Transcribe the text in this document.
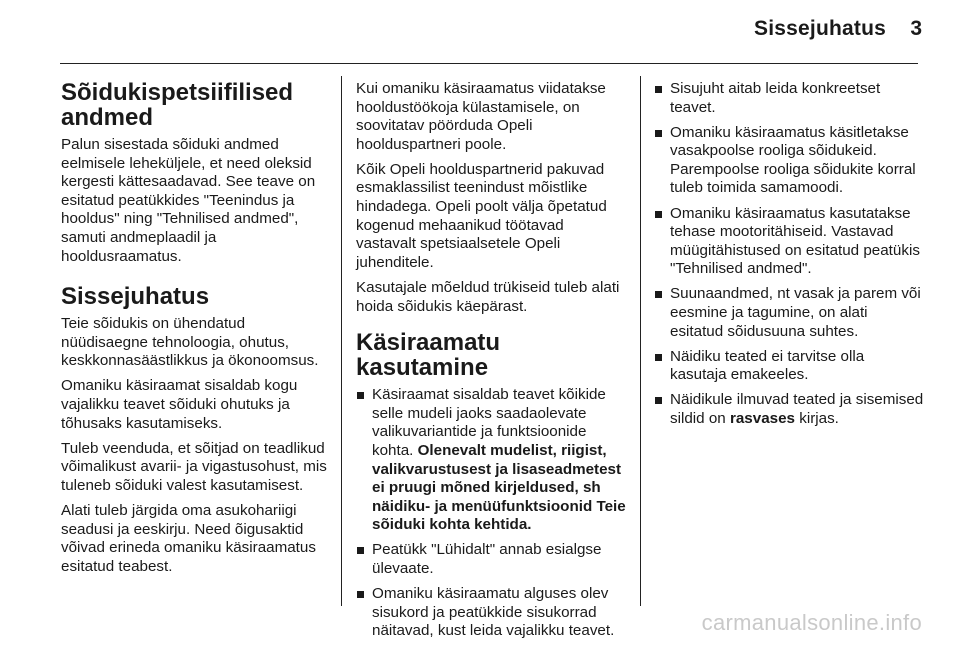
Sissejuhatus 3
Sõidukispetsiifilised andmed

Palun sisestada sõiduki andmed eelmisele leheküljele, et need oleksid kergesti kättesaadavad. See teave on esitatud peatükkides "Teenindus ja hooldus" ning "Tehnilised andmed", samuti andmeplaadil ja hooldusraamatus.

Sissejuhatus

Teie sõidukis on ühendatud nüüdisaegne tehnoloogia, ohutus, keskkonnasäästlikkus ja ökonoomsus.

Omaniku käsiraamat sisaldab kogu vajalikku teavet sõiduki ohutuks ja tõhusaks kasutamiseks.

Tuleb veenduda, et sõitjad on teadlikud võimalikust avarii- ja vigastusohust, mis tuleneb sõiduki valest kasutamisest.

Alati tuleb järgida oma asukohariigi seadusi ja eeskirju. Need õigusaktid võivad erineda omaniku käsiraamatus esitatud teabest.

Kui omaniku käsiraamatus viidatakse hooldustöökoja külastamisele, on soovitatav pöörduda Opeli hoolduspartneri poole.

Kõik Opeli hoolduspartnerid pakuvad esmaklassilist teenindust mõistlike hindadega. Opeli poolt välja õpetatud kogenud mehaanikud töötavad vastavalt spetsiaalsetele Opeli juhenditele.

Kasutajale mõeldud trükiseid tuleb alati hoida sõidukis käepärast.

Käsiraamatu kasutamine
Käsiraamat sisaldab teavet kõikide selle mudeli jaoks saadaolevate valikuvariantide ja funktsioonide kohta. Olenevalt mudelist, riigist, valikvarustusest ja lisaseadmetest ei pruugi mõned kirjeldused, sh näidiku- ja menüüfunktsioonid Teie sõiduki kohta kehtida.
Peatükk "Lühidalt" annab esialgse ülevaate.
Omaniku käsiraamatu alguses olev sisukord ja peatükkide sisukorrad näitavad, kust leida vajalikku teavet.
Sisujuht aitab leida konkreetset teavet.
Omaniku käsiraamatus käsitletakse vasakpoolse rooliga sõidukeid. Parempoolse rooliga sõidukite korral tuleb toimida samamoodi.
Omaniku käsiraamatus kasutatakse tehase mootoritähiseid. Vastavad müügitähistused on esitatud peatükis "Tehnilised andmed".
Suunaandmed, nt vasak ja parem või eesmine ja tagumine, on alati esitatud sõidusuuna suhtes.
Näidiku teated ei tarvitse olla kasutaja emakeeles.
Näidikule ilmuvad teated ja sisemised sildid on rasvases kirjas.
carmanualsonline.info
